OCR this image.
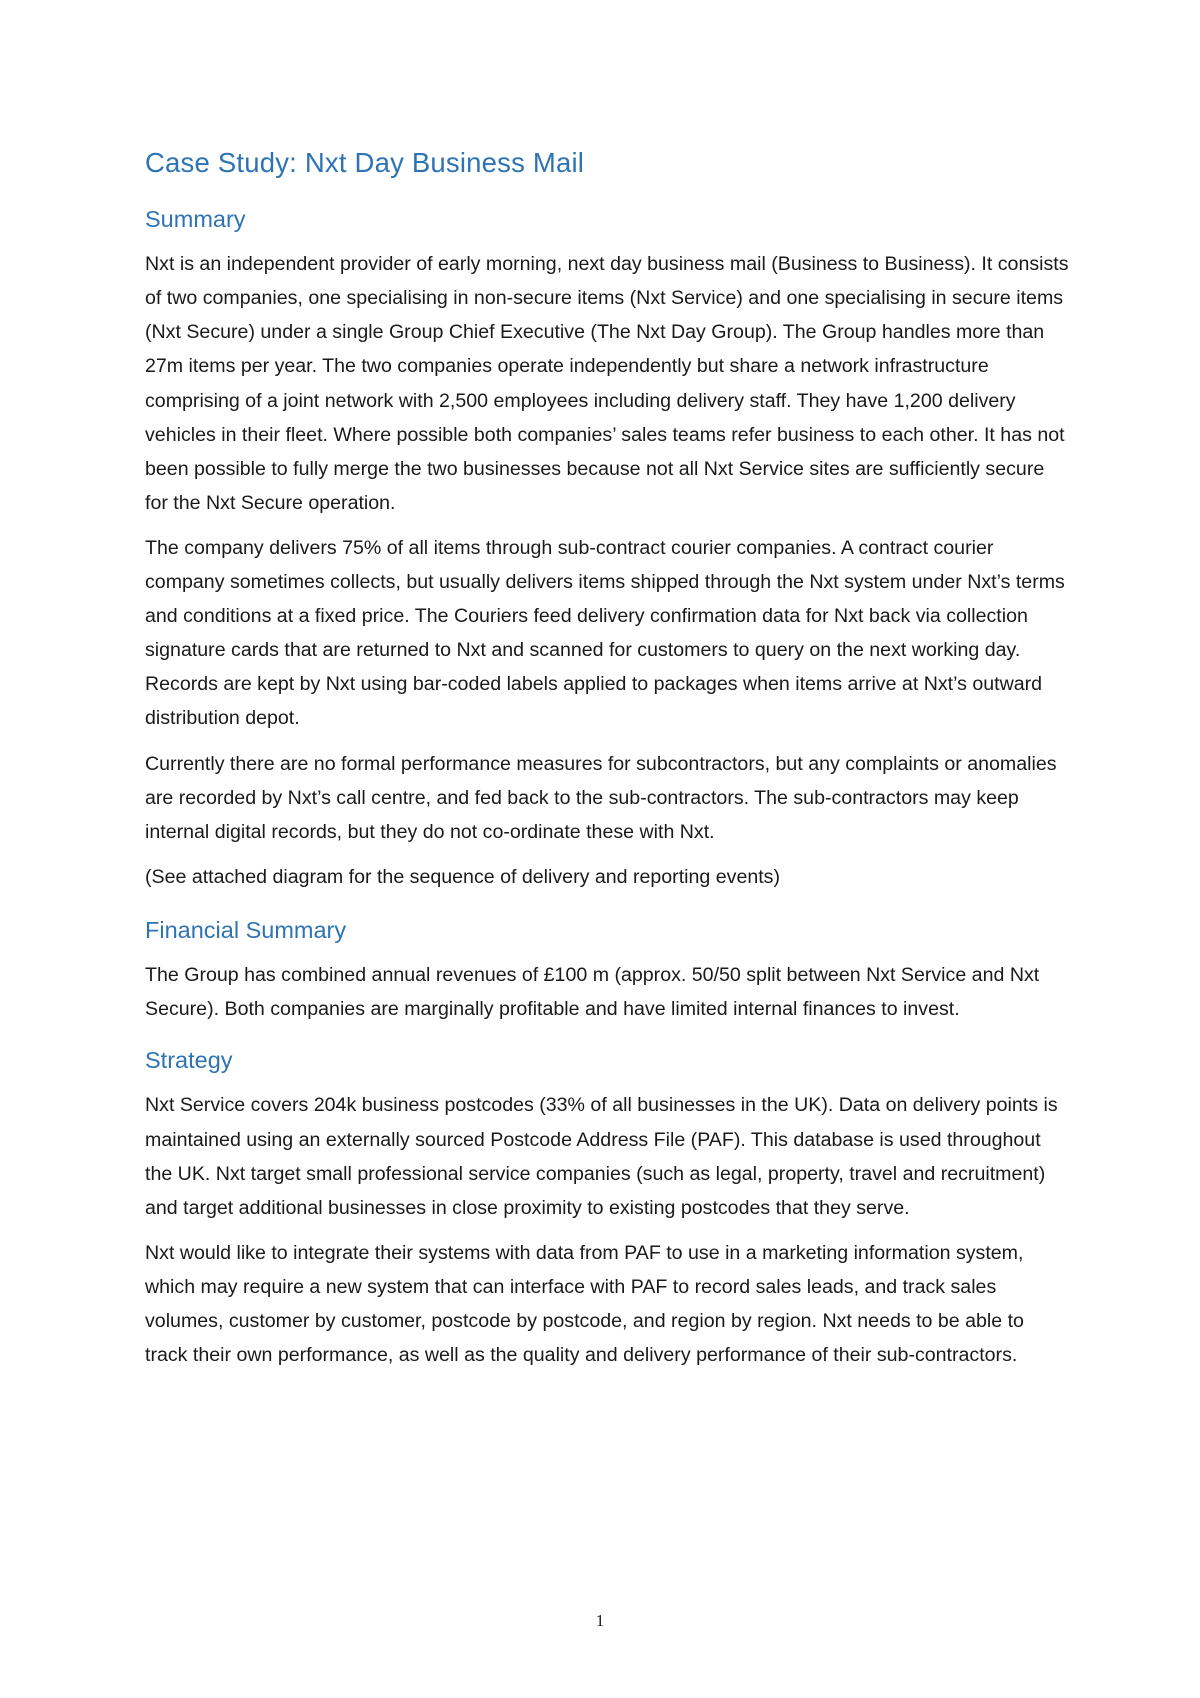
Case Study: Nxt Day Business Mail
Summary

Nxt is an independent provider of early morning, next day business mail (Business to Business). It consists of two companies, one specialising in non-secure items (Nxt Service) and one specialising in secure items (Nxt Secure) under a single Group Chief Executive (The Nxt Day Group). The Group handles more than 27m items per year. The two companies operate independently but share a network infrastructure comprising of a joint network with 2,500 employees including delivery staff. They have 1,200 delivery vehicles in their fleet. Where possible both companies’ sales teams refer business to each other. It has not been possible to fully merge the two businesses because not all Nxt Service sites are sufficiently secure for the Nxt Secure operation.

The company delivers 75% of all items through sub-contract courier companies. A contract courier company sometimes collects, but usually delivers items shipped through the Nxt system under Nxt’s terms and conditions at a fixed price. The Couriers feed delivery confirmation data for Nxt back via collection signature cards that are returned to Nxt and scanned for customers to query on the next working day. Records are kept by Nxt using bar-coded labels applied to packages when items arrive at Nxt’s outward distribution depot.

Currently there are no formal performance measures for subcontractors, but any complaints or anomalies are recorded by Nxt’s call centre, and fed back to the sub-contractors. The sub-contractors may keep internal digital records, but they do not co-ordinate these with Nxt.

(See attached diagram for the sequence of delivery and reporting events)

Financial Summary

The Group has combined annual revenues of £100 m (approx. 50/50 split between Nxt Service and Nxt Secure). Both companies are marginally profitable and have limited internal finances to invest.

Strategy

Nxt Service covers 204k business postcodes (33% of all businesses in the UK). Data on delivery points is maintained using an externally sourced Postcode Address File (PAF). This database is used throughout the UK. Nxt target small professional service companies (such as legal, property, travel and recruitment) and target additional businesses in close proximity to existing postcodes that they serve.

Nxt would like to integrate their systems with data from PAF to use in a marketing information system, which may require a new system that can interface with PAF to record sales leads, and track sales volumes, customer by customer, postcode by postcode, and region by region. Nxt needs to be able to track their own performance, as well as the quality and delivery performance of their sub-contractors.

1
